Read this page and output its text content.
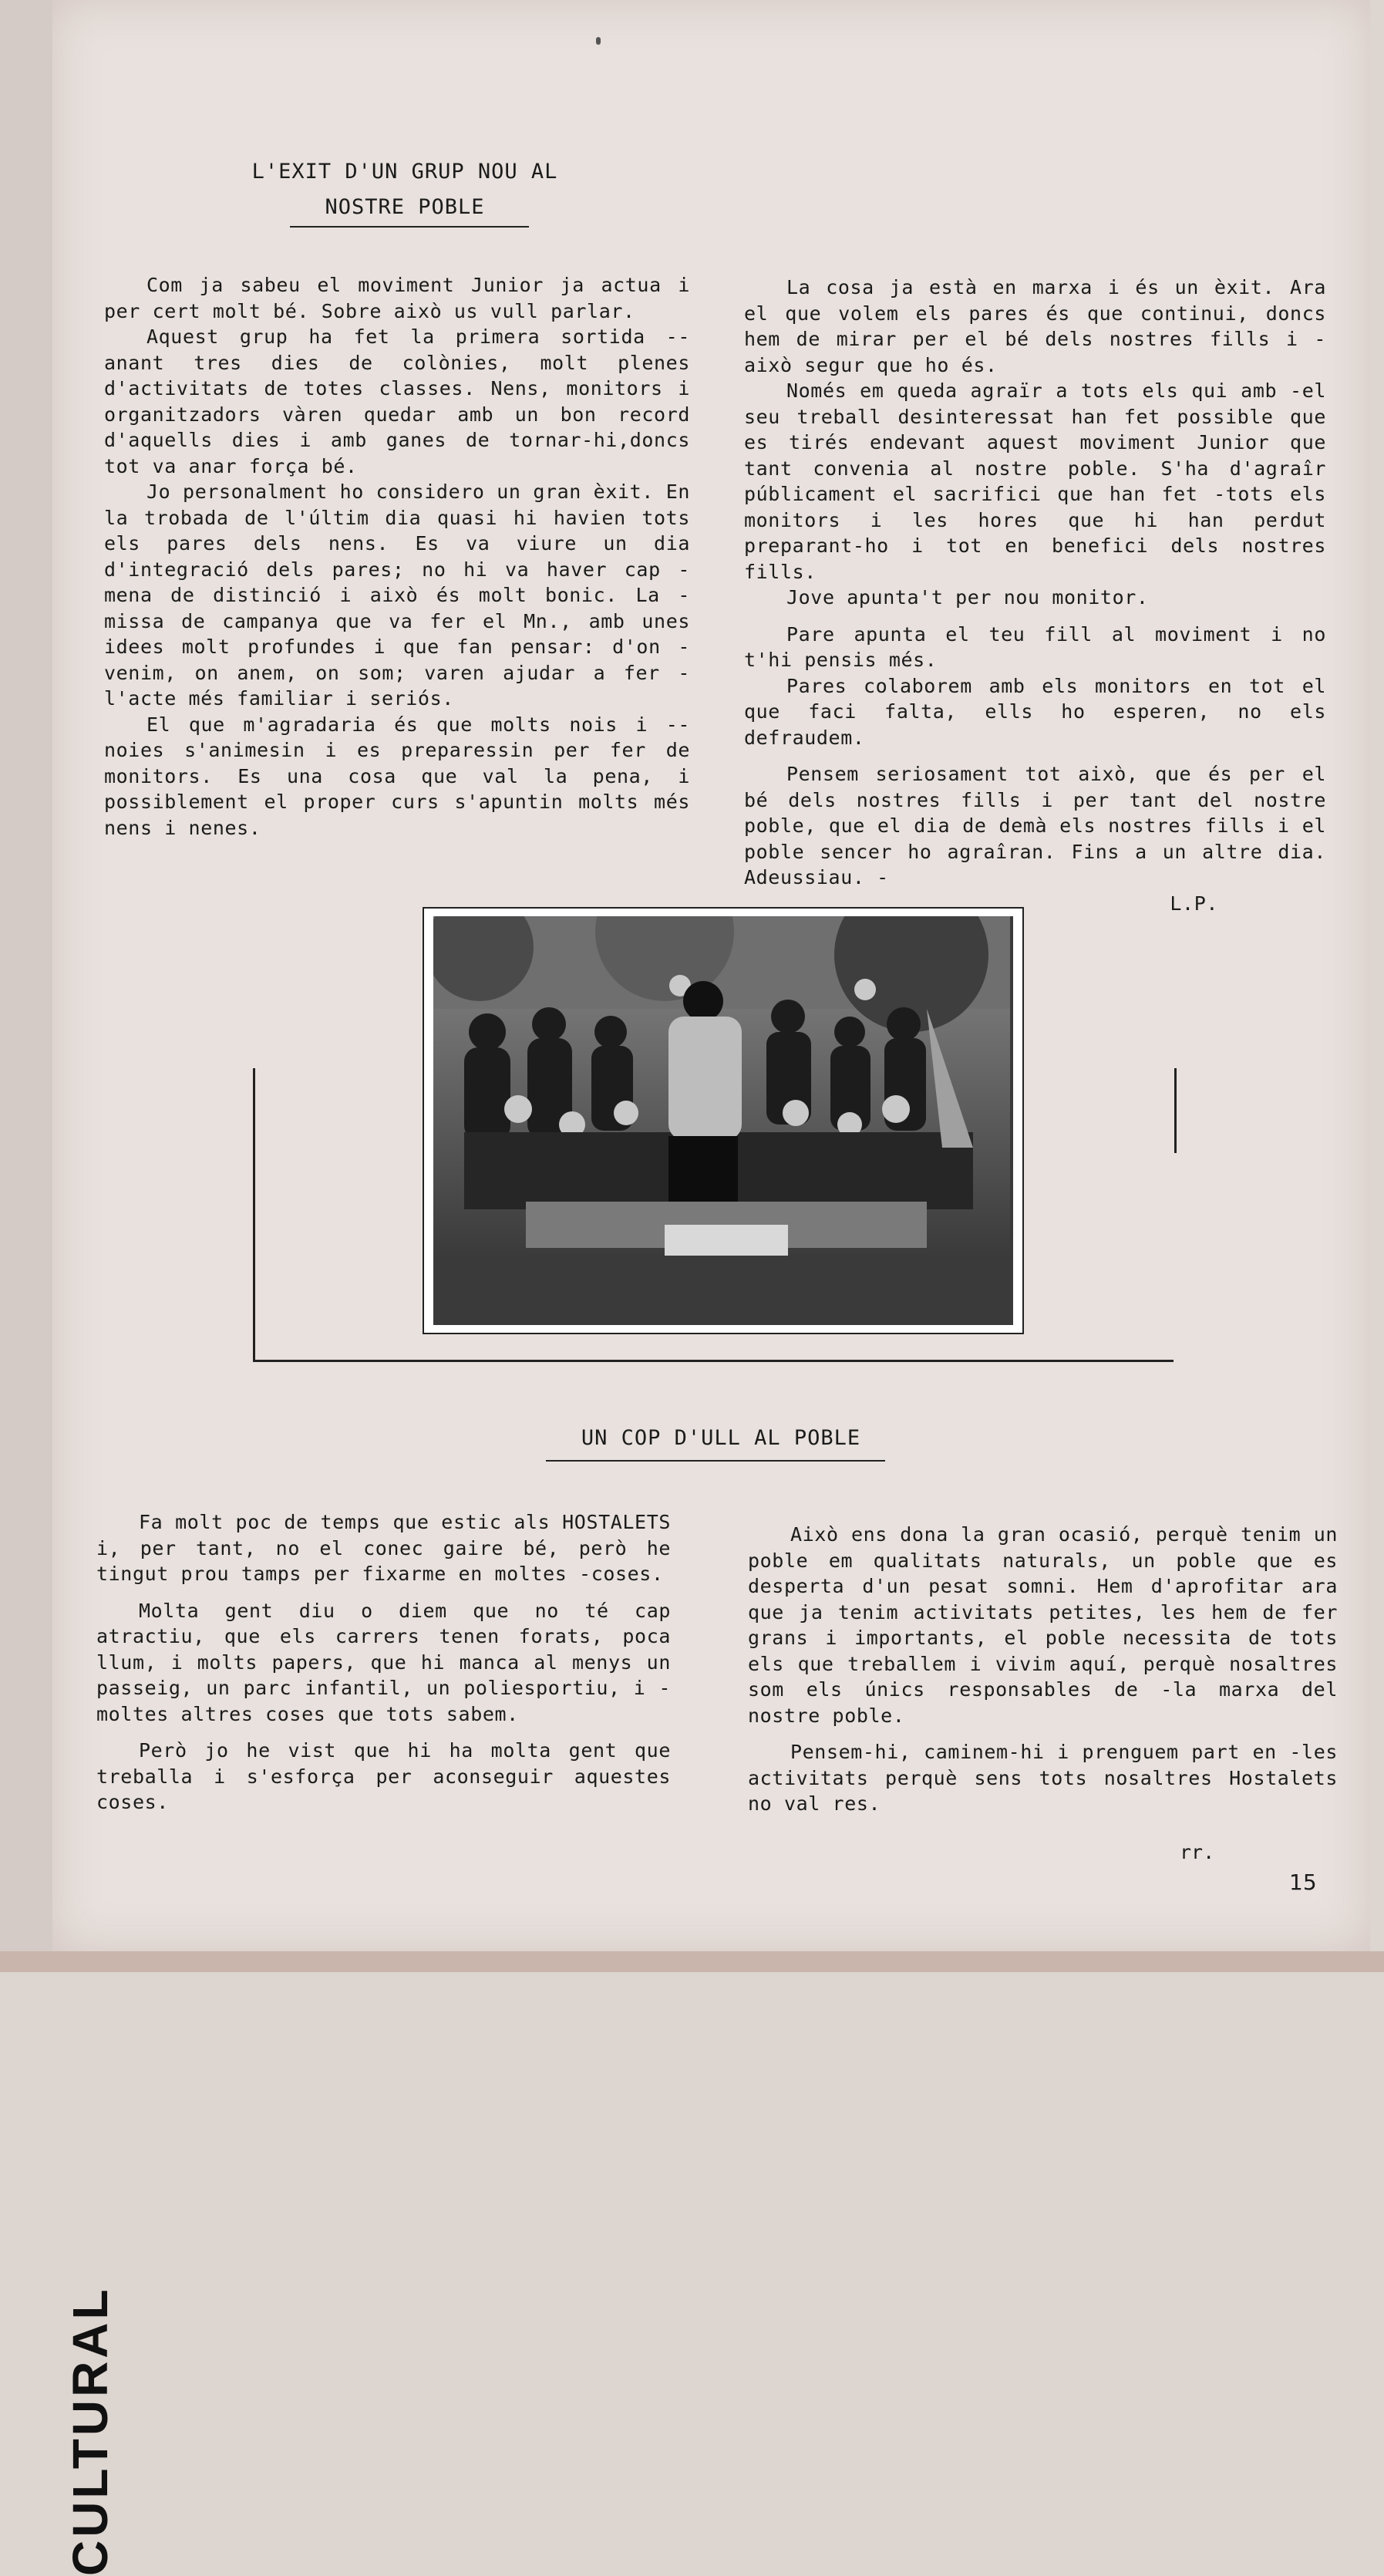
CULTURAL
L'EXIT D'UN GRUP NOU AL
NOSTRE POBLE

Com ja sabeu el moviment Junior ja actua i per cert molt bé. Sobre això us vull parlar.

Aquest grup ha fet la primera sortida -- anant tres dies de colònies, molt plenes d'activitats de totes classes. Nens, monitors i organitzadors vàren quedar amb un bon record d'aquells dies i amb ganes de tornar-hi,doncs tot va anar força bé.

Jo personalment ho considero un gran èxit. En la trobada de l'últim dia quasi hi havien tots els pares dels nens. Es va viure un dia d'integració dels pares; no hi va haver cap -mena de distinció i això és molt bonic. La -missa de campanya que va fer el Mn., amb unes idees molt profundes i que fan pensar: d'on -venim, on anem, on som; varen ajudar a fer -l'acte més familiar i seriós.

El que m'agradaria és que molts nois i -- noies s'animesin i es preparessin per fer de monitors. Es una cosa que val la pena, i possiblement el proper curs s'apuntin molts més nens i nenes.

La cosa ja està en marxa i és un èxit. Ara el que volem els pares és que continui, doncs hem de mirar per el bé dels nostres fills i -això segur que ho és.

Només em queda agraïr a tots els qui amb -el seu treball desinteressat han fet possible que es tirés endevant aquest moviment Junior que tant convenia al nostre poble. S'ha d'agraîr públicament el sacrifici que han fet -tots els monitors i les hores que hi han perdut preparant-ho i tot en benefici dels nostres fills.

Jove apunta't per nou monitor.

Pare apunta el teu fill al moviment i no t'hi pensis més.

Pares colaborem amb els monitors en tot el que faci falta, ells ho esperen, no els defraudem.

Pensem seriosament tot això, que és per el bé dels nostres fills i per tant del nostre poble, que el dia de demà els nostres fills i el poble sencer ho agraîran. Fins a un altre dia. Adeussiau. -

L.P.

UN COP D'ULL AL POBLE

Fa molt poc de temps que estic als HOSTALETS i, per tant, no el conec gaire bé, però he tingut prou tamps per fixarme en moltes -coses.

Molta gent diu o diem que no té cap atractiu, que els carrers tenen forats, poca llum, i molts papers, que hi manca al menys un passeig, un parc infantil, un poliesportiu, i -moltes altres coses que tots sabem.

Però jo he vist que hi ha molta gent que treballa i s'esforça per aconseguir aquestes coses.

Això ens dona la gran ocasió, perquè tenim un poble em qualitats naturals, un poble que es desperta d'un pesat somni. Hem d'aprofitar ara que ja tenim activitats petites, les hem de fer grans i importants, el poble necessita de tots els que treballem i vivim aquí, perquè nosaltres som els únics responsables de -la marxa del nostre poble.

Pensem-hi, caminem-hi i prenguem part en -les activitats perquè sens tots nosaltres Hostalets no val res.

rr.
15
